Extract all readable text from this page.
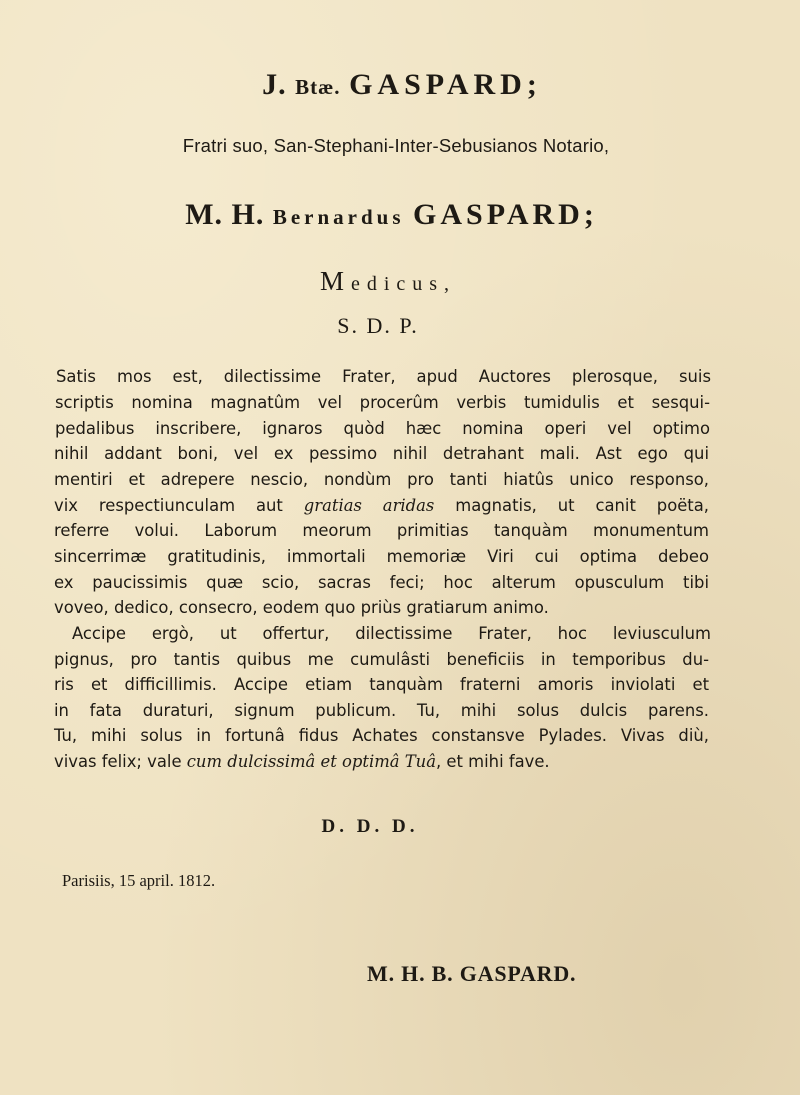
J. Btæ. GASPARD;
Fratri suo, San-Stephani-Inter-Sebusianos Notario,
M. H. Bernardus GASPARD;
Medicus,
S. D. P.
Satis mos est, dilectissime Frater, apud Auctores plerosque, suis
scriptis nomina magnatûm vel procerûm verbis tumidulis et sesqui-
pedalibus inscribere, ignaros quòd hæc nomina operi vel optimo
nihil addant boni, vel ex pessimo nihil detrahant mali. Ast ego qui
mentiri et adrepere nescio, nondùm pro tanti hiatûs unico responso,
vix respectiunculam aut gratias aridas magnatis, ut canit poëta,
referre volui. Laborum meorum primitias tanquàm monumentum
sincerrimæ gratitudinis, immortali memoriæ Viri cui optima debeo
ex paucissimis quæ scio, sacras feci; hoc alterum opusculum tibi
voveo, dedico, consecro, eodem quo priùs gratiarum animo.
Accipe ergò, ut offertur, dilectissime Frater, hoc leviusculum
pignus, pro tantis quibus me cumulâsti beneficiis in temporibus du-
ris et difficillimis. Accipe etiam tanquàm fraterni amoris inviolati et
in fata duraturi, signum publicum. Tu, mihi solus dulcis parens.
Tu, mihi solus in fortunâ fidus Achates constansve Pylades. Vivas diù,
vivas felix; vale cum dulcissimâ et optimâ Tuâ, et mihi fave.
D. D. D.
Parisiis, 15 april. 1812.
M. H. B. GASPARD.
